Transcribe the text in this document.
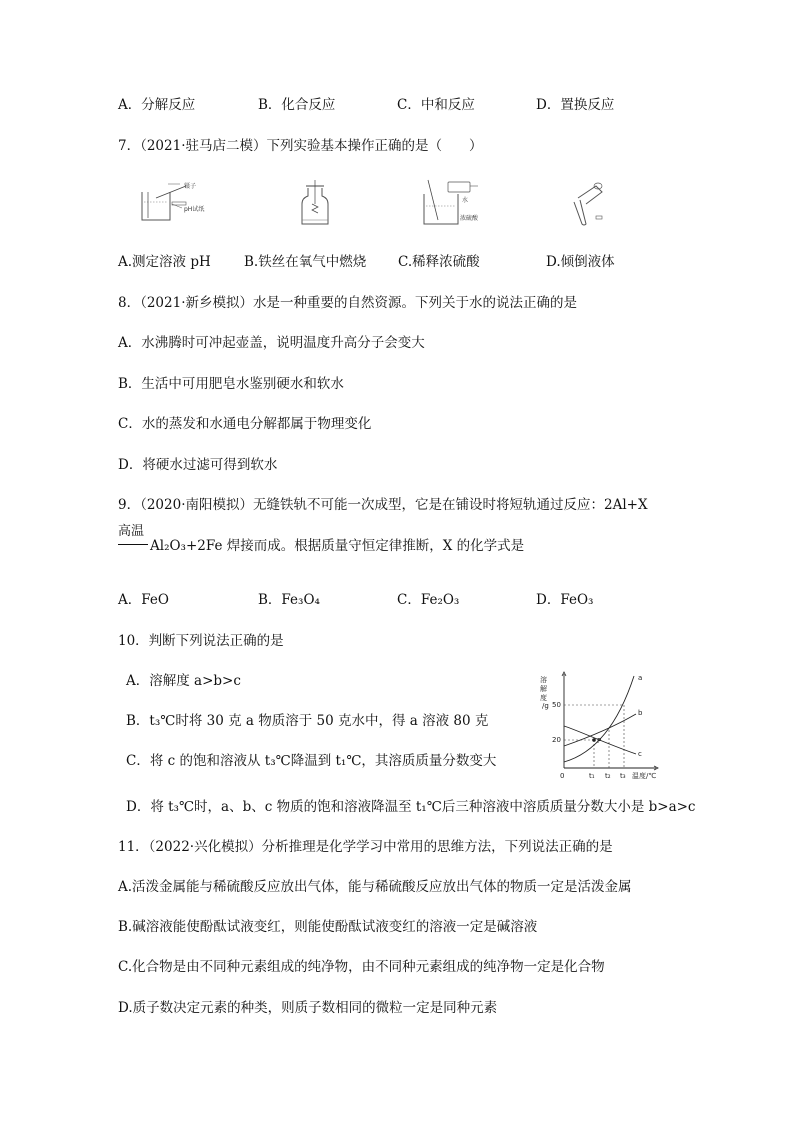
A．分解反应	B．化合反应	C．中和反应	D．置换反应
7．（2021·驻马店二模）下列实验基本操作正确的是（　　）
镊子
pH试纸
水
浓硫酸
A.测定溶液 pH B.铁丝在氧气中燃烧 C.稀释浓硫酸	D.倾倒液体
8．（2021·新乡模拟）水是一种重要的自然资源。下列关于水的说法正确的是
A．水沸腾时可冲起壶盖，说明温度升高分子会变大
B．生活中可用肥皂水鉴别硬水和软水
C．水的蒸发和水通电分解都属于物理变化
D．将硬水过滤可得到软水
9．（2020·南阳模拟）无缝铁轨不可能一次成型，它是在铺设时将短轨通过反应：2Al+X
高温
Al₂O₃+2Fe 焊接而成。根据质量守恒定律推断，X 的化学式是
A．FeO	B．Fe₃O₄	C．Fe₂O₃	D．FeO₃
10．判断下列说法正确的是
A．溶解度 a>b>c
B．t₃℃时将 30 克 a 物质溶于 50 克水中，得 a 溶液 80 克
C．将 c 的饱和溶液从 t₃℃降温到 t₁℃，其溶质质量分数变大
D．将 t₃℃时，a、b、c 物质的饱和溶液降温至 t₁℃后三种溶液中溶质质量分数大小是 b>a>c
溶
解
度
/g 50
20
0	t₁ t₂ t₃ 温度/℃
P
a
b
c
11．（2022·兴化模拟）分析推理是化学学习中常用的思维方法，下列说法正确的是
A.活泼金属能与稀硫酸反应放出气体，能与稀硫酸反应放出气体的物质一定是活泼金属
B.碱溶液能使酚酞试液变红，则能使酚酞试液变红的溶液一定是碱溶液
C.化合物是由不同种元素组成的纯净物，由不同种元素组成的纯净物一定是化合物
D.质子数决定元素的种类，则质子数相同的微粒一定是同种元素
